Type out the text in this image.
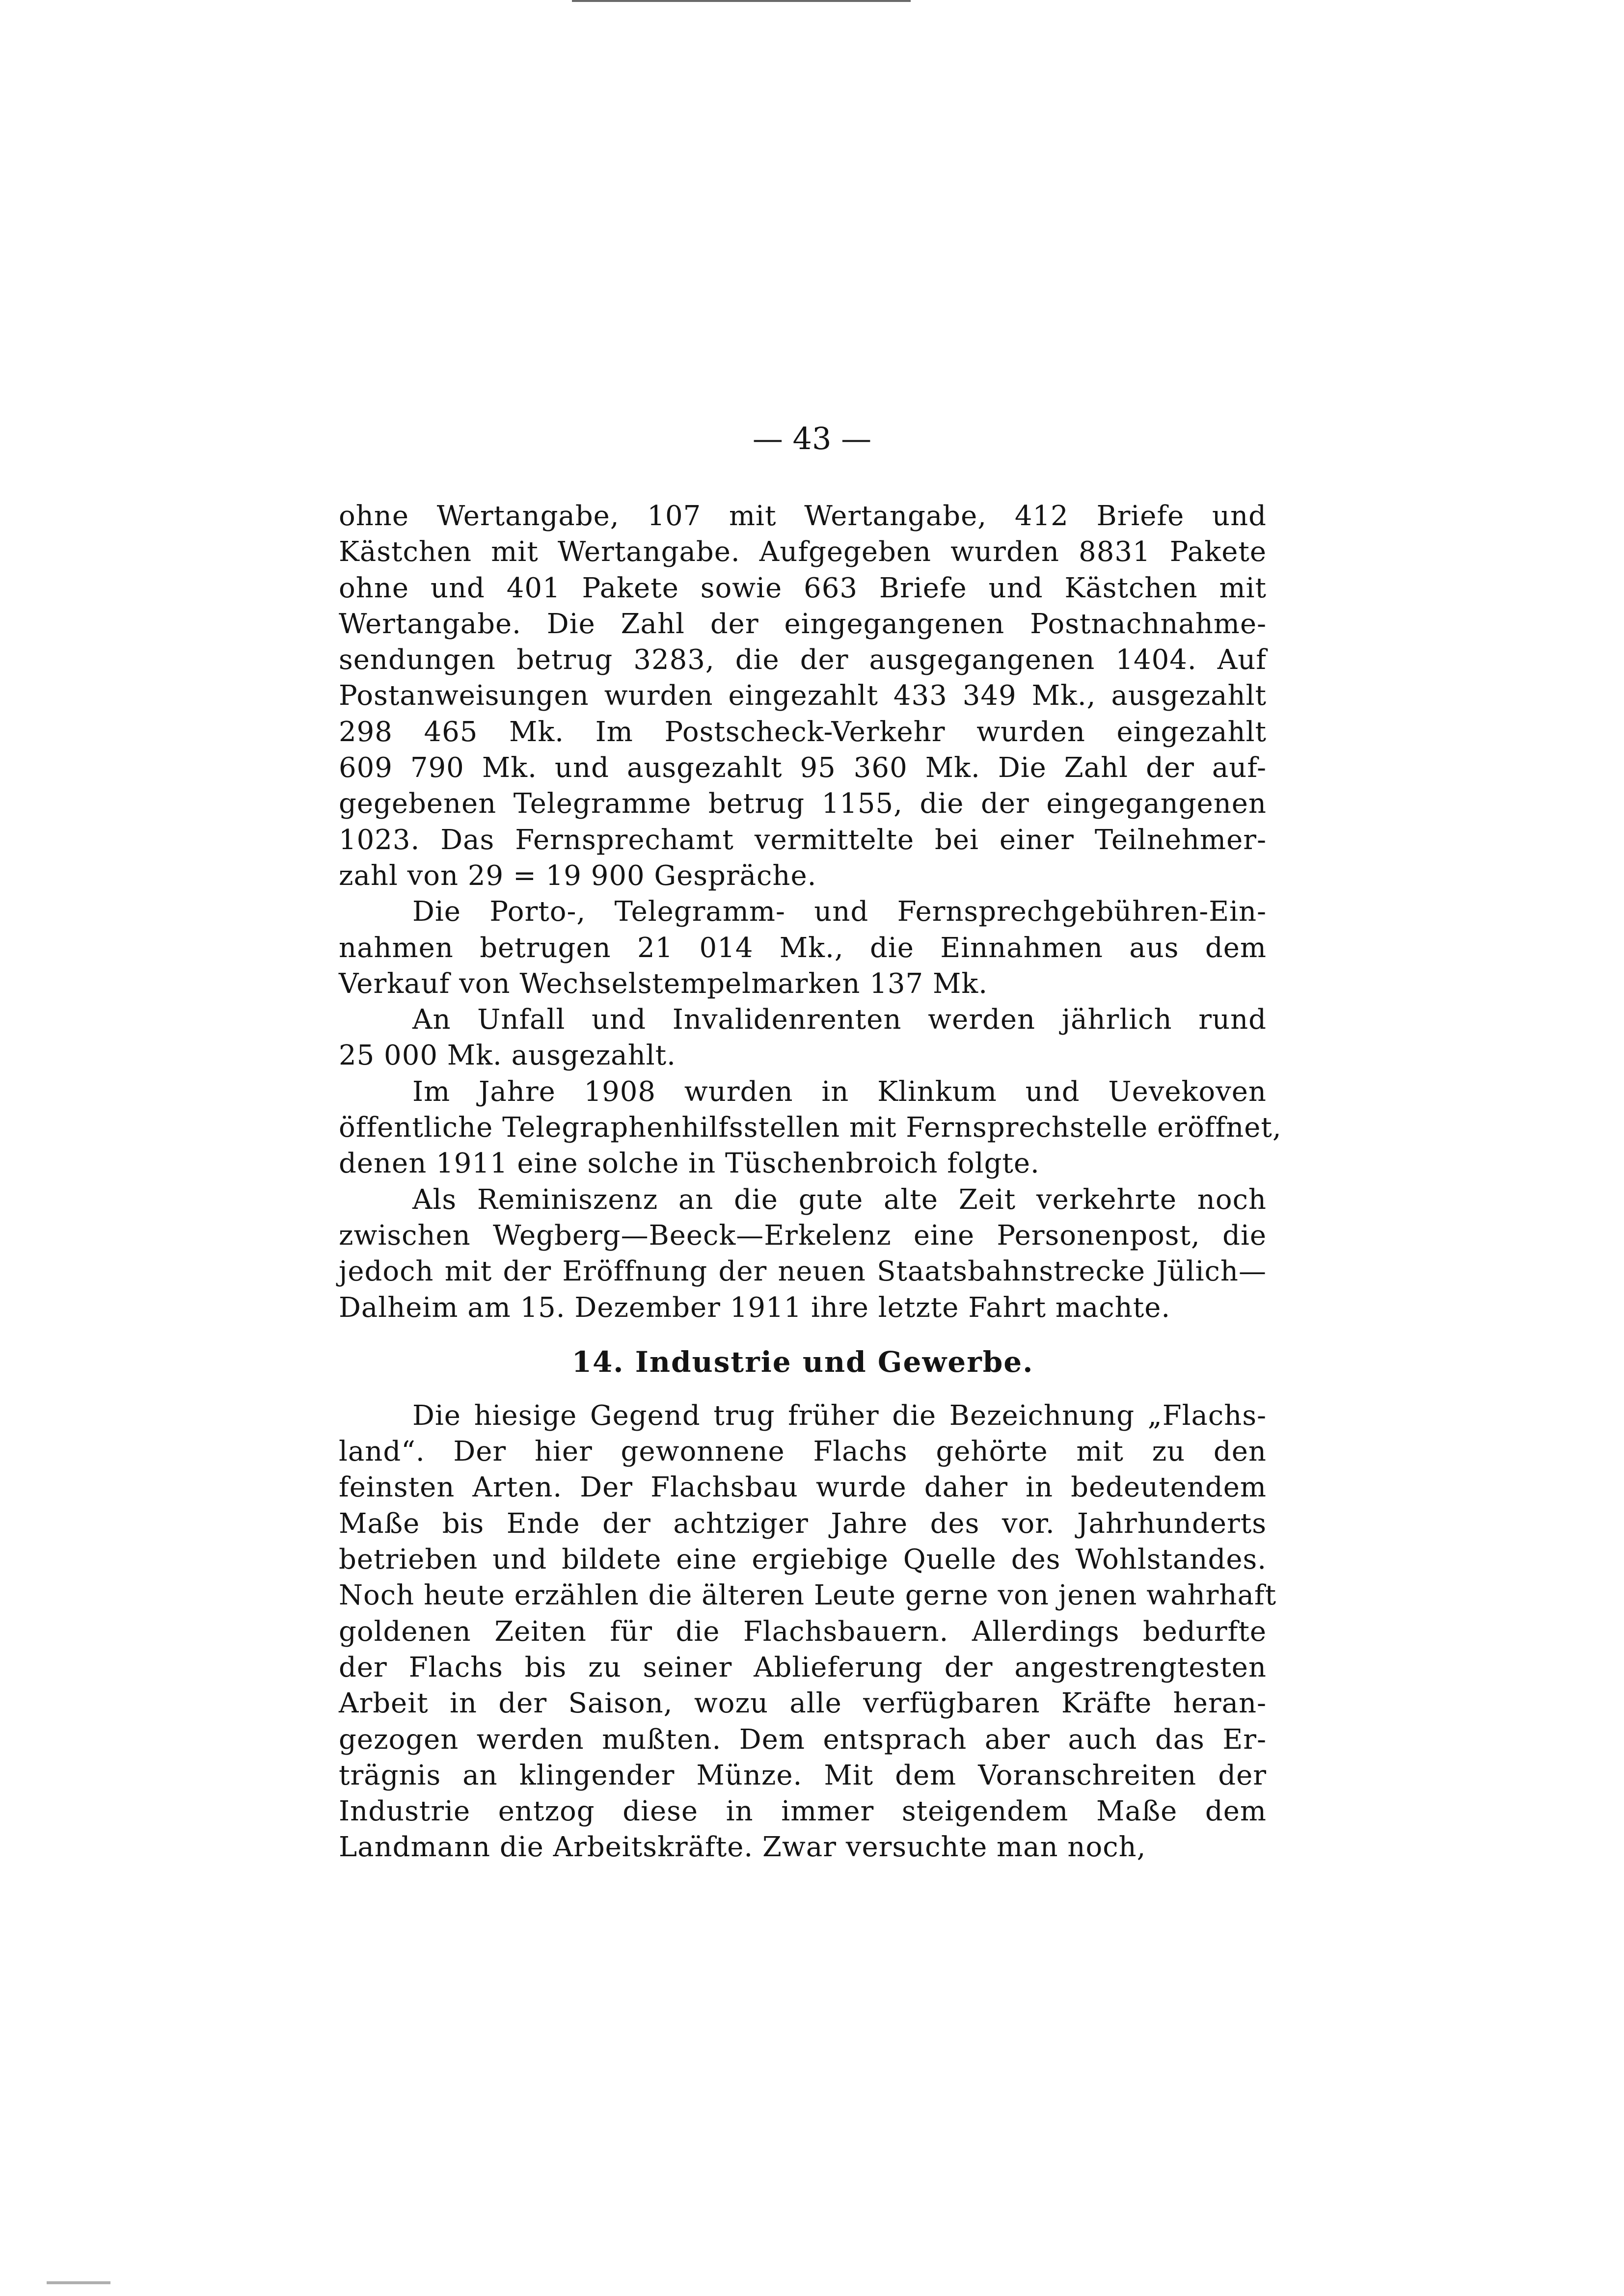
— 43 —
ohne Wertangabe, 107 mit Wertangabe, 412 Briefe und
Kästchen mit Wertangabe. Aufgegeben wurden 8831 Pakete
ohne und 401 Pakete sowie 663 Briefe und Kästchen mit
Wertangabe. Die Zahl der eingegangenen Postnachnahme-
sendungen betrug 3283, die der ausgegangenen 1404. Auf
Postanweisungen wurden eingezahlt 433 349 Mk., ausgezahlt
298 465 Mk. Im Postscheck-Verkehr wurden eingezahlt
609 790 Mk. und ausgezahlt 95 360 Mk. Die Zahl der auf-
gegebenen Telegramme betrug 1155, die der eingegangenen
1023. Das Fernsprechamt vermittelte bei einer Teilnehmer-
zahl von 29 = 19 900 Gespräche.
Die Porto-, Telegramm- und Fernsprechgebühren-Ein-
nahmen betrugen 21 014 Mk., die Einnahmen aus dem
Verkauf von Wechselstempelmarken 137 Mk.
An Unfall und Invalidenrenten werden jährlich rund
25 000 Mk. ausgezahlt.
Im Jahre 1908 wurden in Klinkum und Uevekoven
öffentliche Telegraphenhilfsstellen mit Fernsprechstelle eröffnet,
denen 1911 eine solche in Tüschenbroich folgte.
Als Reminiszenz an die gute alte Zeit verkehrte noch
zwischen Wegberg—Beeck—Erkelenz eine Personenpost, die
jedoch mit der Eröffnung der neuen Staatsbahnstrecke Jülich—
Dalheim am 15. Dezember 1911 ihre letzte Fahrt machte.
14. Industrie und Gewerbe.
Die hiesige Gegend trug früher die Bezeichnung „Flachs-
land“. Der hier gewonnene Flachs gehörte mit zu den
feinsten Arten. Der Flachsbau wurde daher in bedeutendem
Maße bis Ende der achtziger Jahre des vor. Jahrhunderts
betrieben und bildete eine ergiebige Quelle des Wohlstandes.
Noch heute erzählen die älteren Leute gerne von jenen wahrhaft
goldenen Zeiten für die Flachsbauern. Allerdings bedurfte
der Flachs bis zu seiner Ablieferung der angestrengtesten
Arbeit in der Saison, wozu alle verfügbaren Kräfte heran-
gezogen werden mußten. Dem entsprach aber auch das Er-
trägnis an klingender Münze. Mit dem Voranschreiten der
Industrie entzog diese in immer steigendem Maße dem
Landmann die Arbeitskräfte. Zwar versuchte man noch,
